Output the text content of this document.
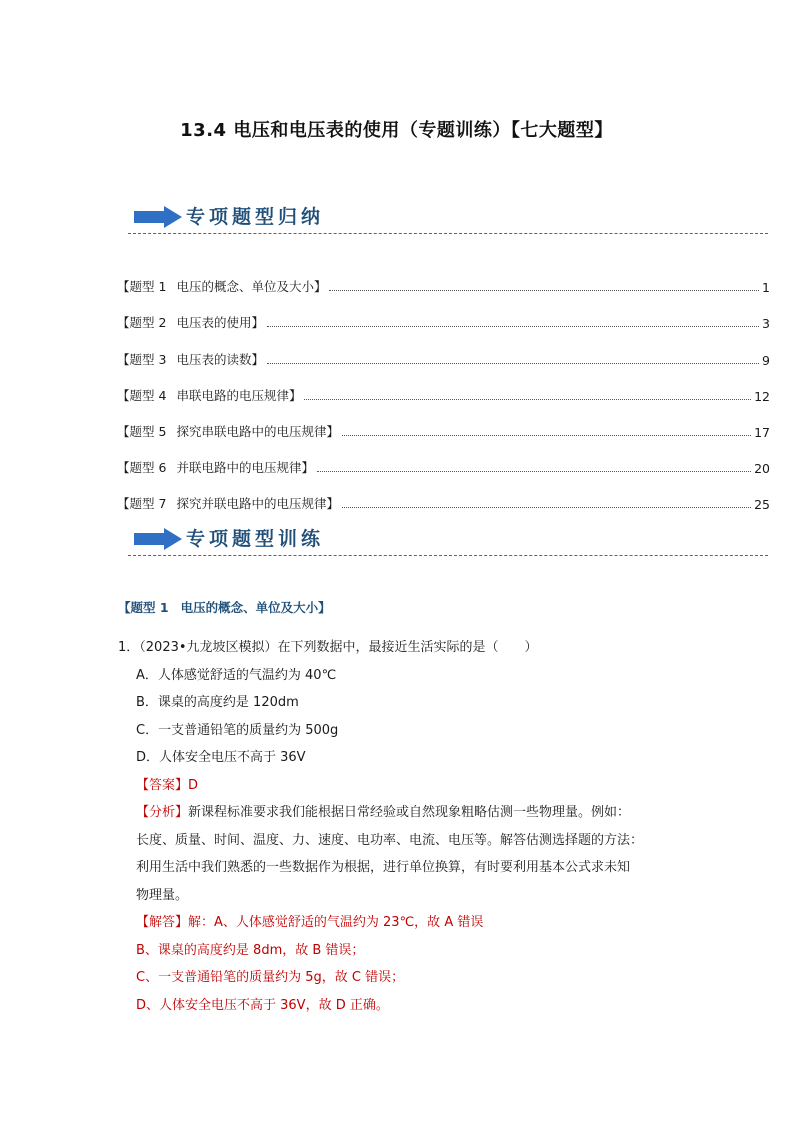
13.4 电压和电压表的使用（专题训练）【七大题型】
专项题型归纳
【题型 1 电压的概念、单位及大小】	1
【题型 2 电压表的使用】	3
【题型 3 电压表的读数】	9
【题型 4 串联电路的电压规律】	12
【题型 5 探究串联电路中的电压规律】	17
【题型 6 并联电路中的电压规律】	20
【题型 7 探究并联电路中的电压规律】	25
专项题型训练
【题型 1 电压的概念、单位及大小】
1．（2023•九龙坡区模拟）在下列数据中，最接近生活实际的是（　　）
A．人体感觉舒适的气温约为 40℃
B．课桌的高度约是 120dm
C．一支普通铅笔的质量约为 500g
D．人体安全电压不高于 36V
【答案】D
【分析】新课程标准要求我们能根据日常经验或自然现象粗略估测一些物理量。例如：
长度、质量、时间、温度、力、速度、电功率、电流、电压等。解答估测选择题的方法：
利用生活中我们熟悉的一些数据作为根据，进行单位换算，有时要利用基本公式求未知
物理量。
【解答】解：A、人体感觉舒适的气温约为 23℃，故 A 错误
B、课桌的高度约是 8dm，故 B 错误；
C、一支普通铅笔的质量约为 5g，故 C 错误；
D、人体安全电压不高于 36V，故 D 正确。
